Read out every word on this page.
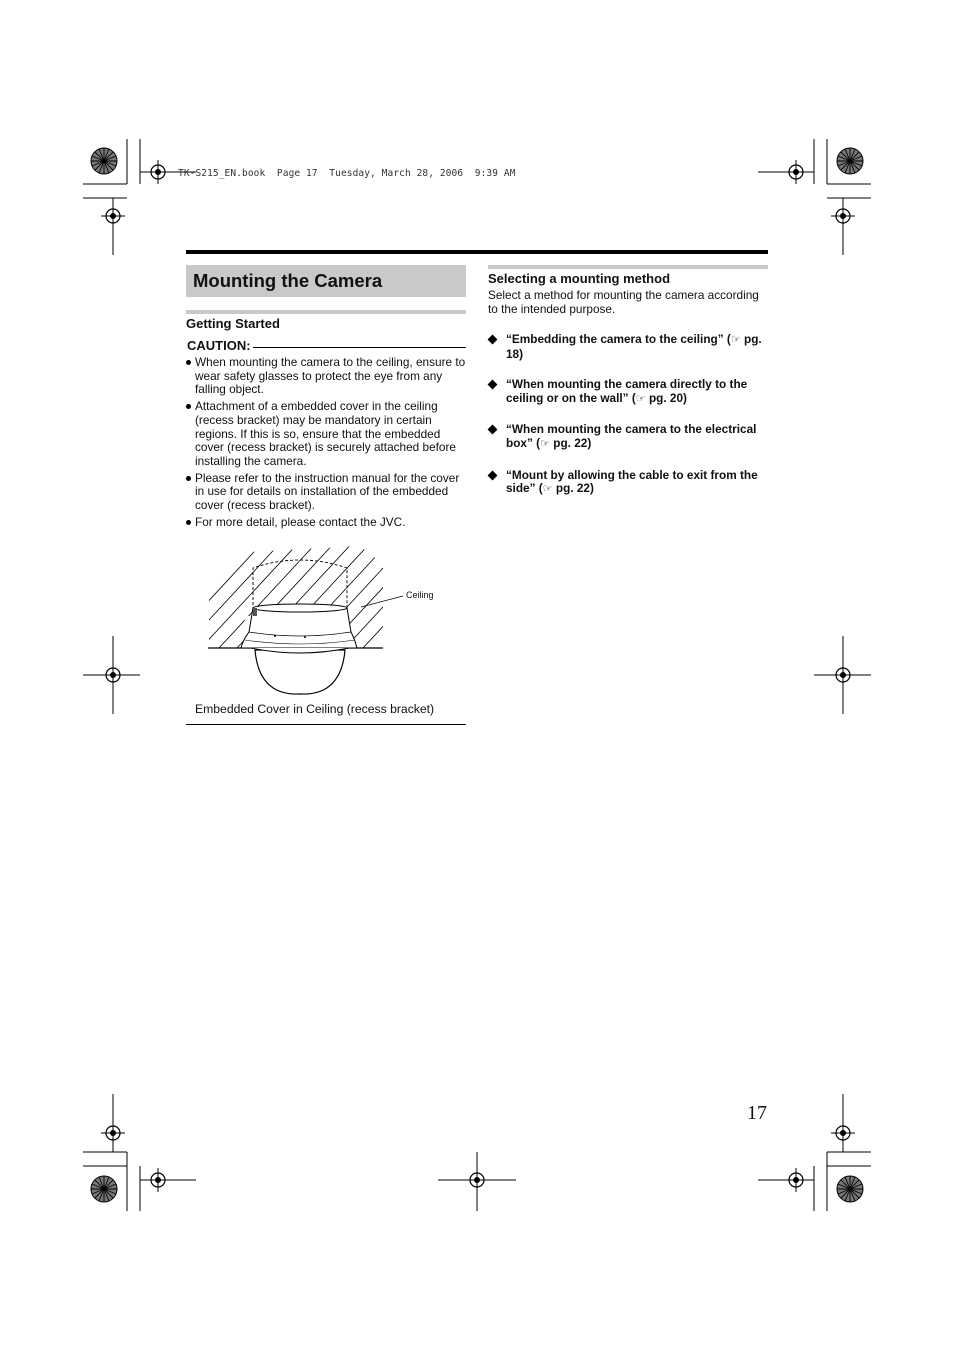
TK-S215_EN.book  Page 17  Tuesday, March 28, 2006  9:39 AM
Mounting the Camera
Getting Started
CAUTION:
When mounting the camera to the ceiling, ensure to wear safety glasses to protect the eye from any falling object.
Attachment of a embedded cover in the ceiling (recess bracket) may be mandatory in certain regions. If this is so, ensure that the embedded cover (recess bracket) is securely attached before installing the camera.
Please refer to the instruction manual for the cover in use for details on installation of the embedded cover (recess bracket).
For more detail, please contact the JVC.
Ceiling
Embedded Cover in Ceiling (recess bracket)
Selecting a mounting method
Select a method for mounting the camera according to the intended purpose.
“Embedding the camera to the ceiling” (☞ pg. 18)
“When mounting the camera directly to the ceiling or on the wall” (☞ pg. 20)
“When mounting the camera to the electrical box” (☞ pg. 22)
“Mount by allowing the cable to exit from the side” (☞ pg. 22)
17
